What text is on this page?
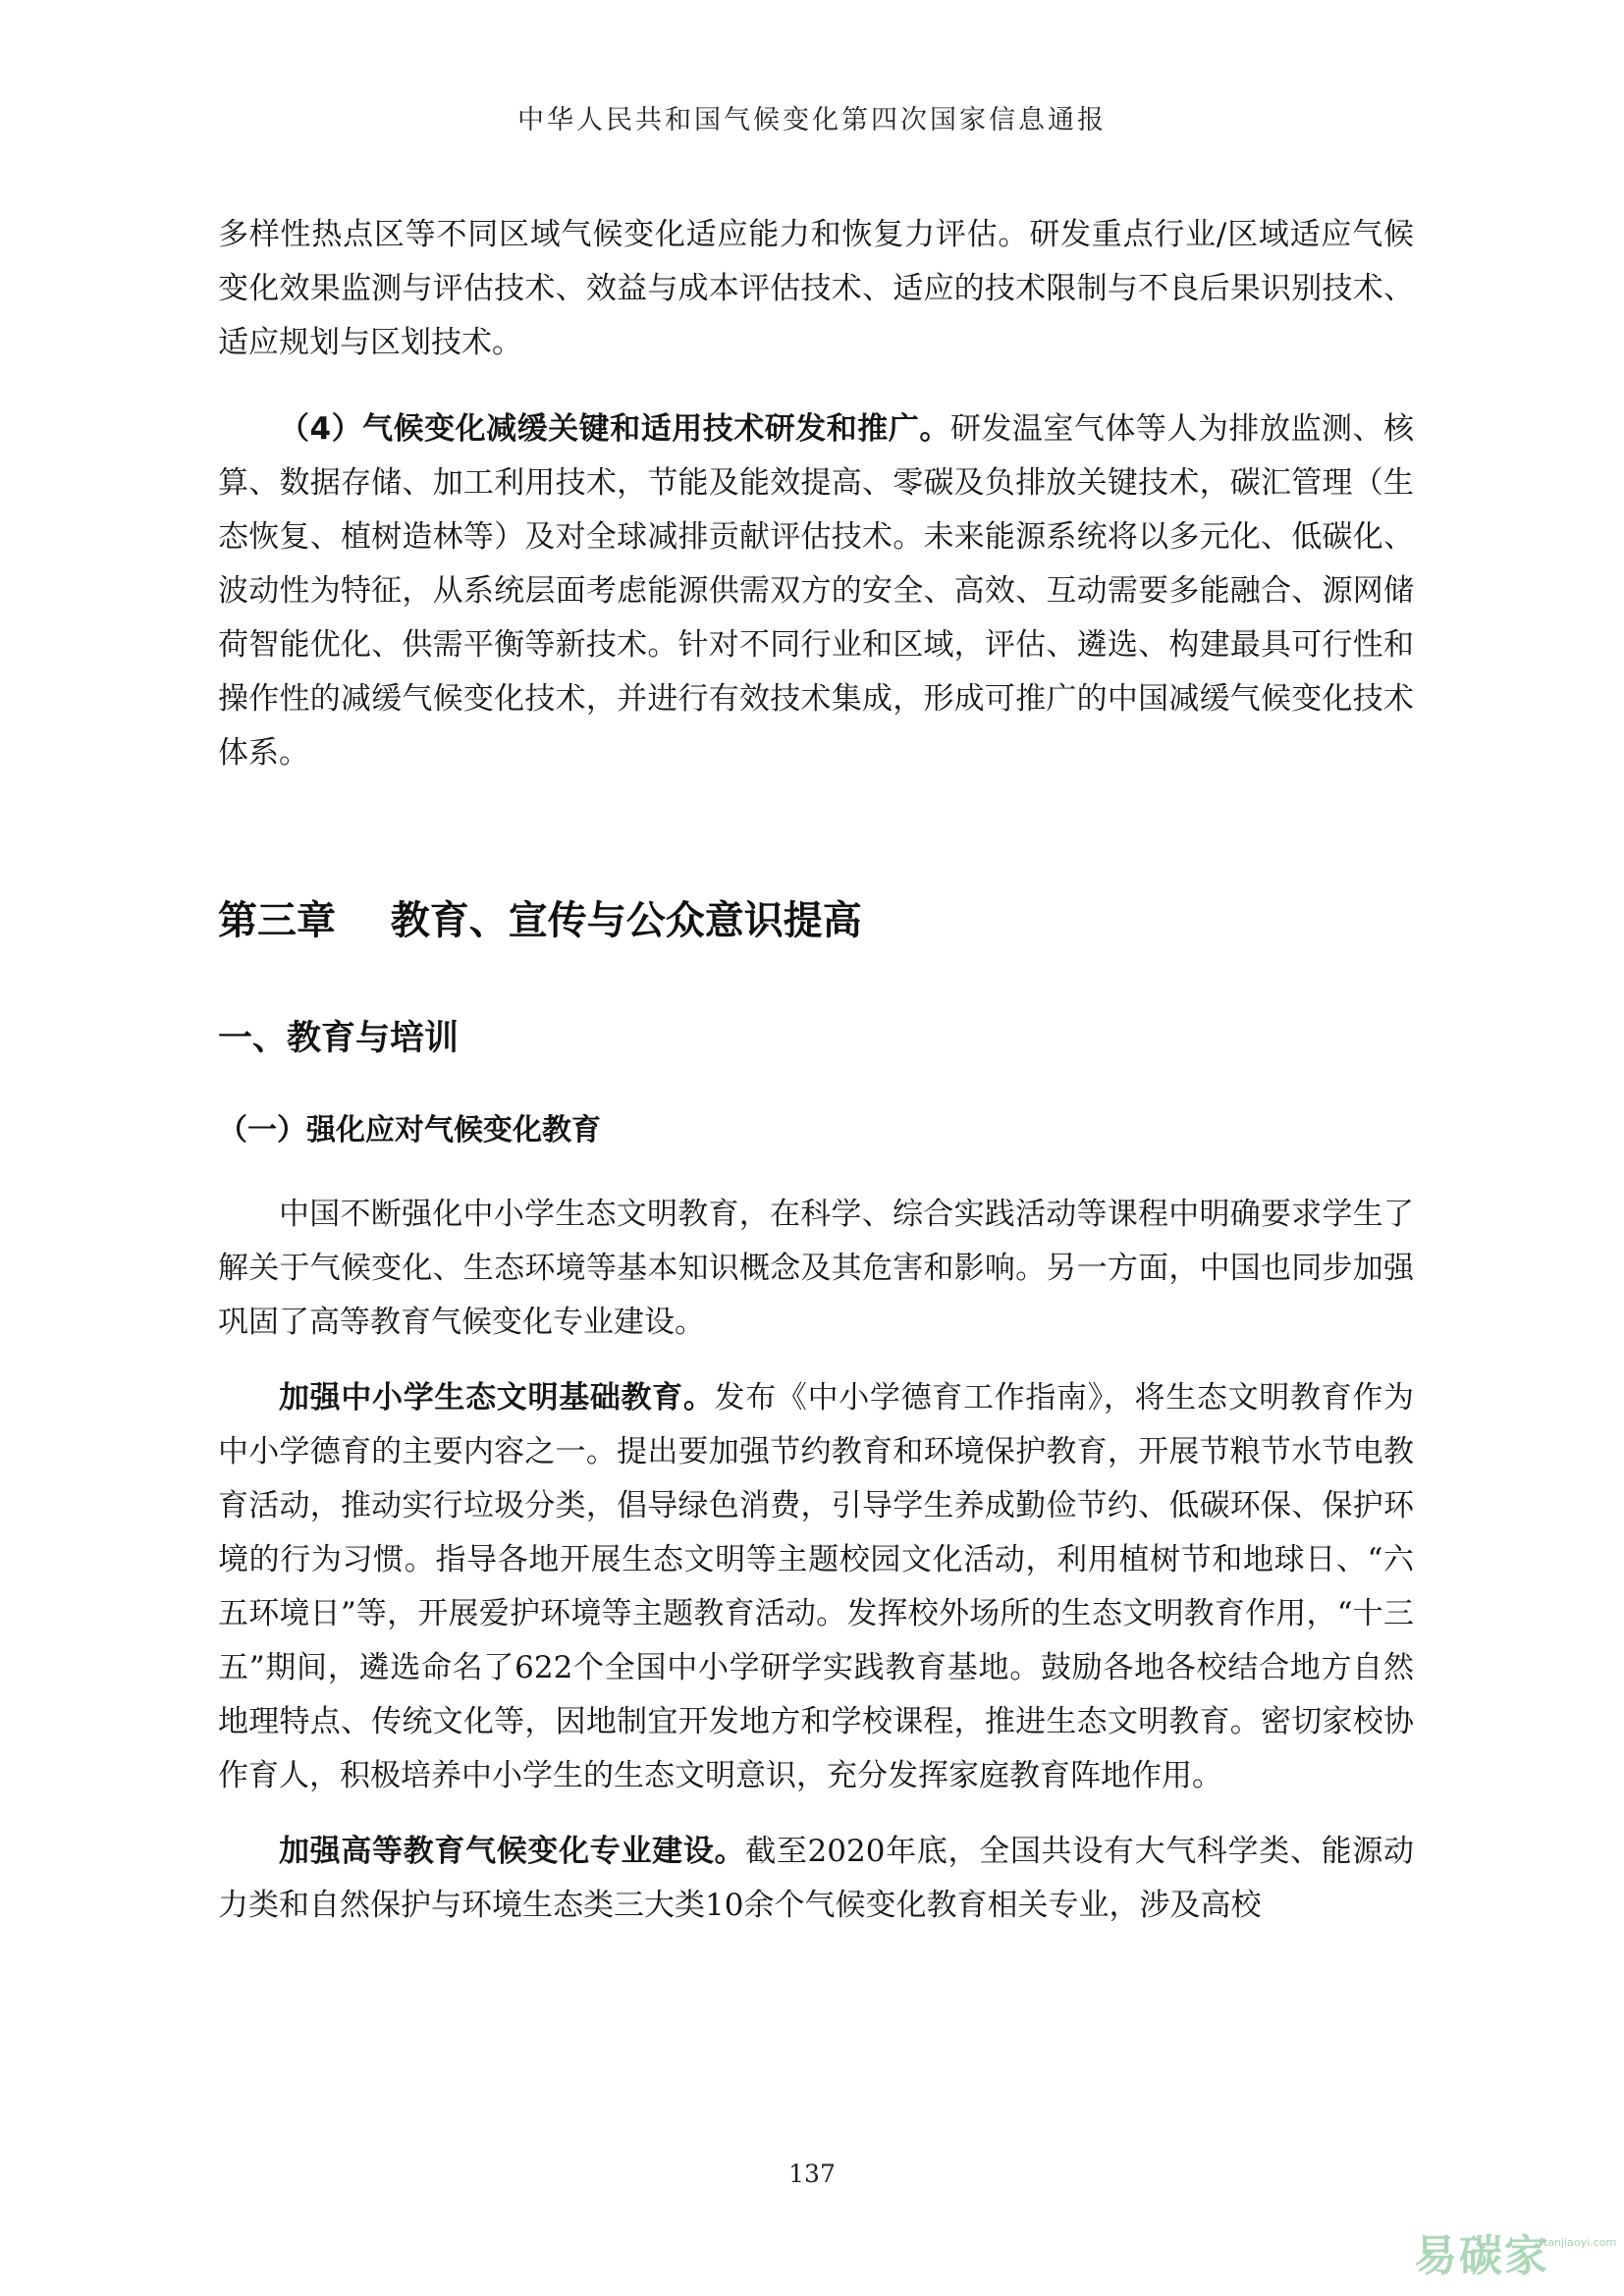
中华人民共和国气候变化第四次国家信息通报

多样性热点区等不同区域气候变化适应能力和恢复力评估。研发重点行业/区域适应气候变化效果监测与评估技术、效益与成本评估技术、适应的技术限制与不良后果识别技术、适应规划与区划技术。

（4）气候变化减缓关键和适用技术研发和推广。研发温室气体等人为排放监测、核算、数据存储、加工利用技术，节能及能效提高、零碳及负排放关键技术，碳汇管理（生态恢复、植树造林等）及对全球减排贡献评估技术。未来能源系统将以多元化、低碳化、波动性为特征，从系统层面考虑能源供需双方的安全、高效、互动需要多能融合、源网储荷智能优化、供需平衡等新技术。针对不同行业和区域，评估、遴选、构建最具可行性和操作性的减缓气候变化技术，并进行有效技术集成，形成可推广的中国减缓气候变化技术体系。

第三章    教育、宣传与公众意识提高
一、教育与培训
（一）强化应对气候变化教育

中国不断强化中小学生态文明教育，在科学、综合实践活动等课程中明确要求学生了解关于气候变化、生态环境等基本知识概念及其危害和影响。另一方面，中国也同步加强巩固了高等教育气候变化专业建设。

加强中小学生态文明基础教育。发布《中小学德育工作指南》，将生态文明教育作为中小学德育的主要内容之一。提出要加强节约教育和环境保护教育，开展节粮节水节电教育活动，推动实行垃圾分类，倡导绿色消费，引导学生养成勤俭节约、低碳环保、保护环境的行为习惯。指导各地开展生态文明等主题校园文化活动，利用植树节和地球日、“六五环境日”等，开展爱护环境等主题教育活动。发挥校外场所的生态文明教育作用，“十三五”期间，遴选命名了622个全国中小学研学实践教育基地。鼓励各地各校结合地方自然地理特点、传统文化等，因地制宜开发地方和学校课程，推进生态文明教育。密切家校协作育人，积极培养中小学生的生态文明意识，充分发挥家庭教育阵地作用。

加强高等教育气候变化专业建设。截至2020年底，全国共设有大气科学类、能源动力类和自然保护与环境生态类三大类10余个气候变化教育相关专业，涉及高校

137
易碳家
tanjiaoyi.com
